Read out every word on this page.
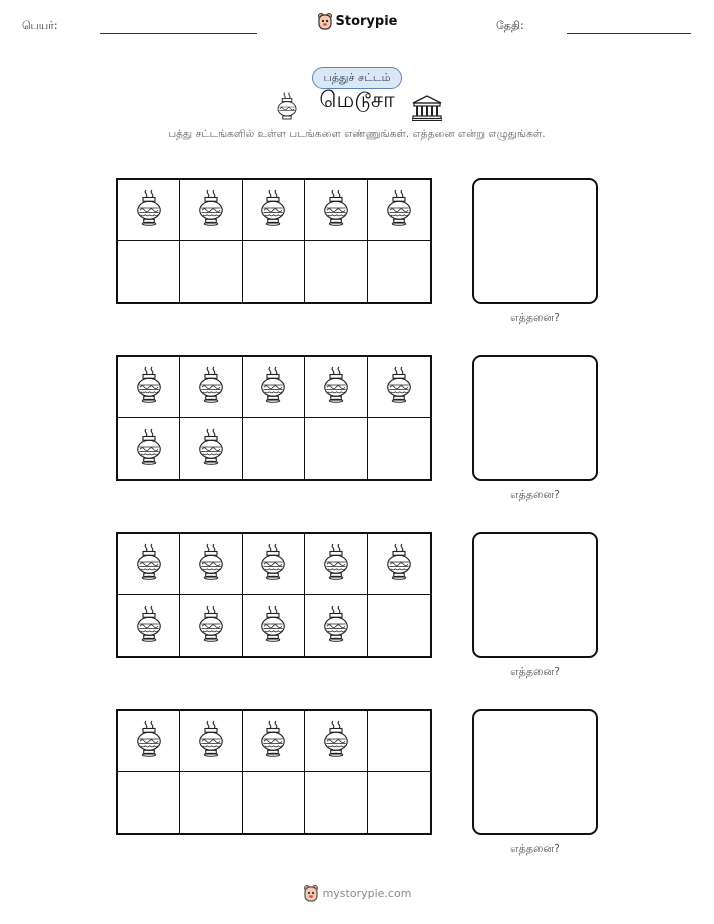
பெயர்:	Storypie	தேதி:
பத்துச் சட்டம்
மெடூசா
பத்து சட்டங்களில் உள்ள படங்களை எண்ணுங்கள். எத்தனை என்று எழுதுங்கள்.
எத்தனை?
எத்தனை?
எத்தனை?
எத்தனை?
mystorypie.com
